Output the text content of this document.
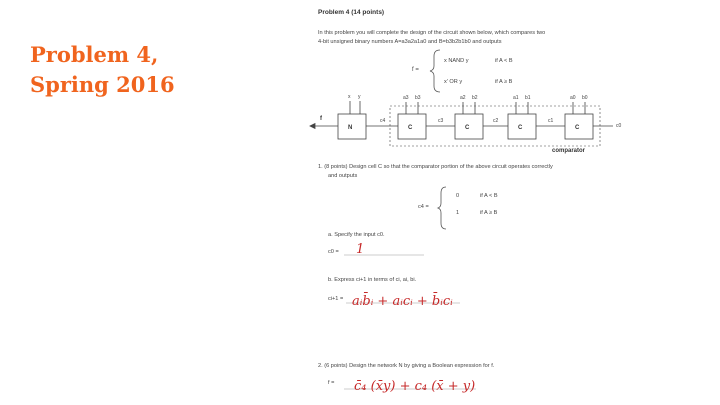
Problem 4,
Spring 2016
Problem 4 (14 points)
In this problem you will complete the design of the circuit shown below, which compares two
4-bit unsigned binary numbers A=a3a2a1a0 and B=b3b2b1b0 and outputs
f =
x NAND y	if A < B
x' OR y	if A ≥ B
f
N	C	C	C	C
x y	a3 b3	a2 b2	a1 b1	a0 b0
c4	c3	c2	c1
c0
comparator
1. (8 points) Design cell C so that the comparator portion of the above circuit operates correctly
and outputs
c4 =
0	if A < B
1	if A ≥ B
a. Specify the input c0.
c0 = 1
b. Express ci+1 in terms of ci, ai, bi.
ci+1 = aᵢb̄ᵢ + aᵢcᵢ + b̄ᵢcᵢ
2. (6 points) Design the network N by giving a Boolean expression for f.
f = c̄₄ (x̄y) + c₄ (x̄ + y)
